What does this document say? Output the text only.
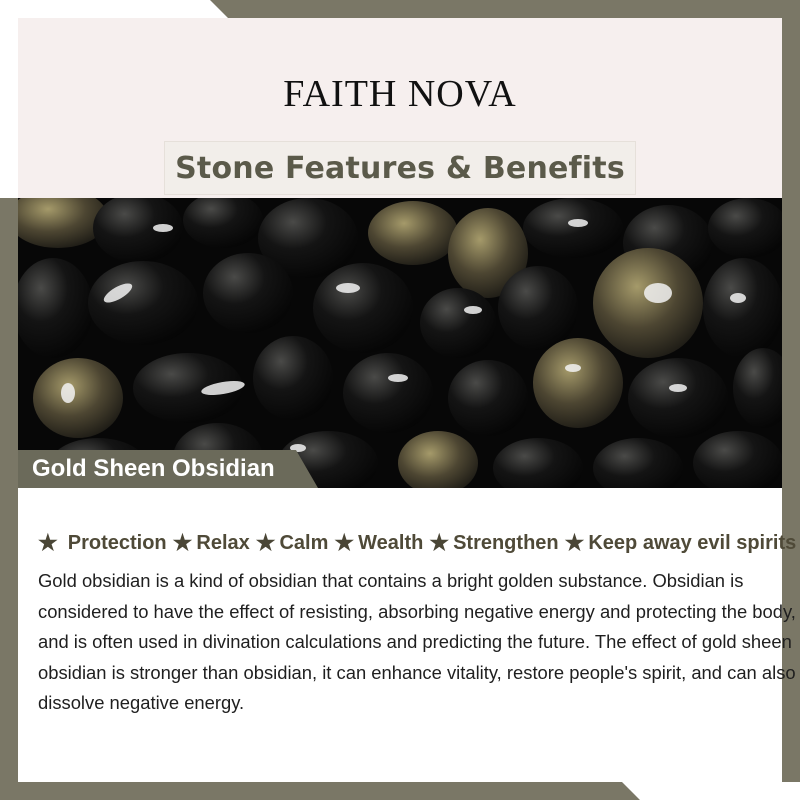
FAITH NOVA
Stone Features & Benefits
Gold Sheen Obsidian
★ Protection ★ Relax ★ Calm ★ Wealth ★ Strengthen ★ Keep away evil spirits
Gold obsidian is a kind of obsidian that contains a bright golden substance. Obsidian is considered to have the effect of resisting, absorbing negative energy and protecting the body, and is often used in divination calculations and predicting the future. The effect of gold sheen obsidian is stronger than obsidian, it can enhance vitality, restore people's spirit, and can also dissolve negative energy.
